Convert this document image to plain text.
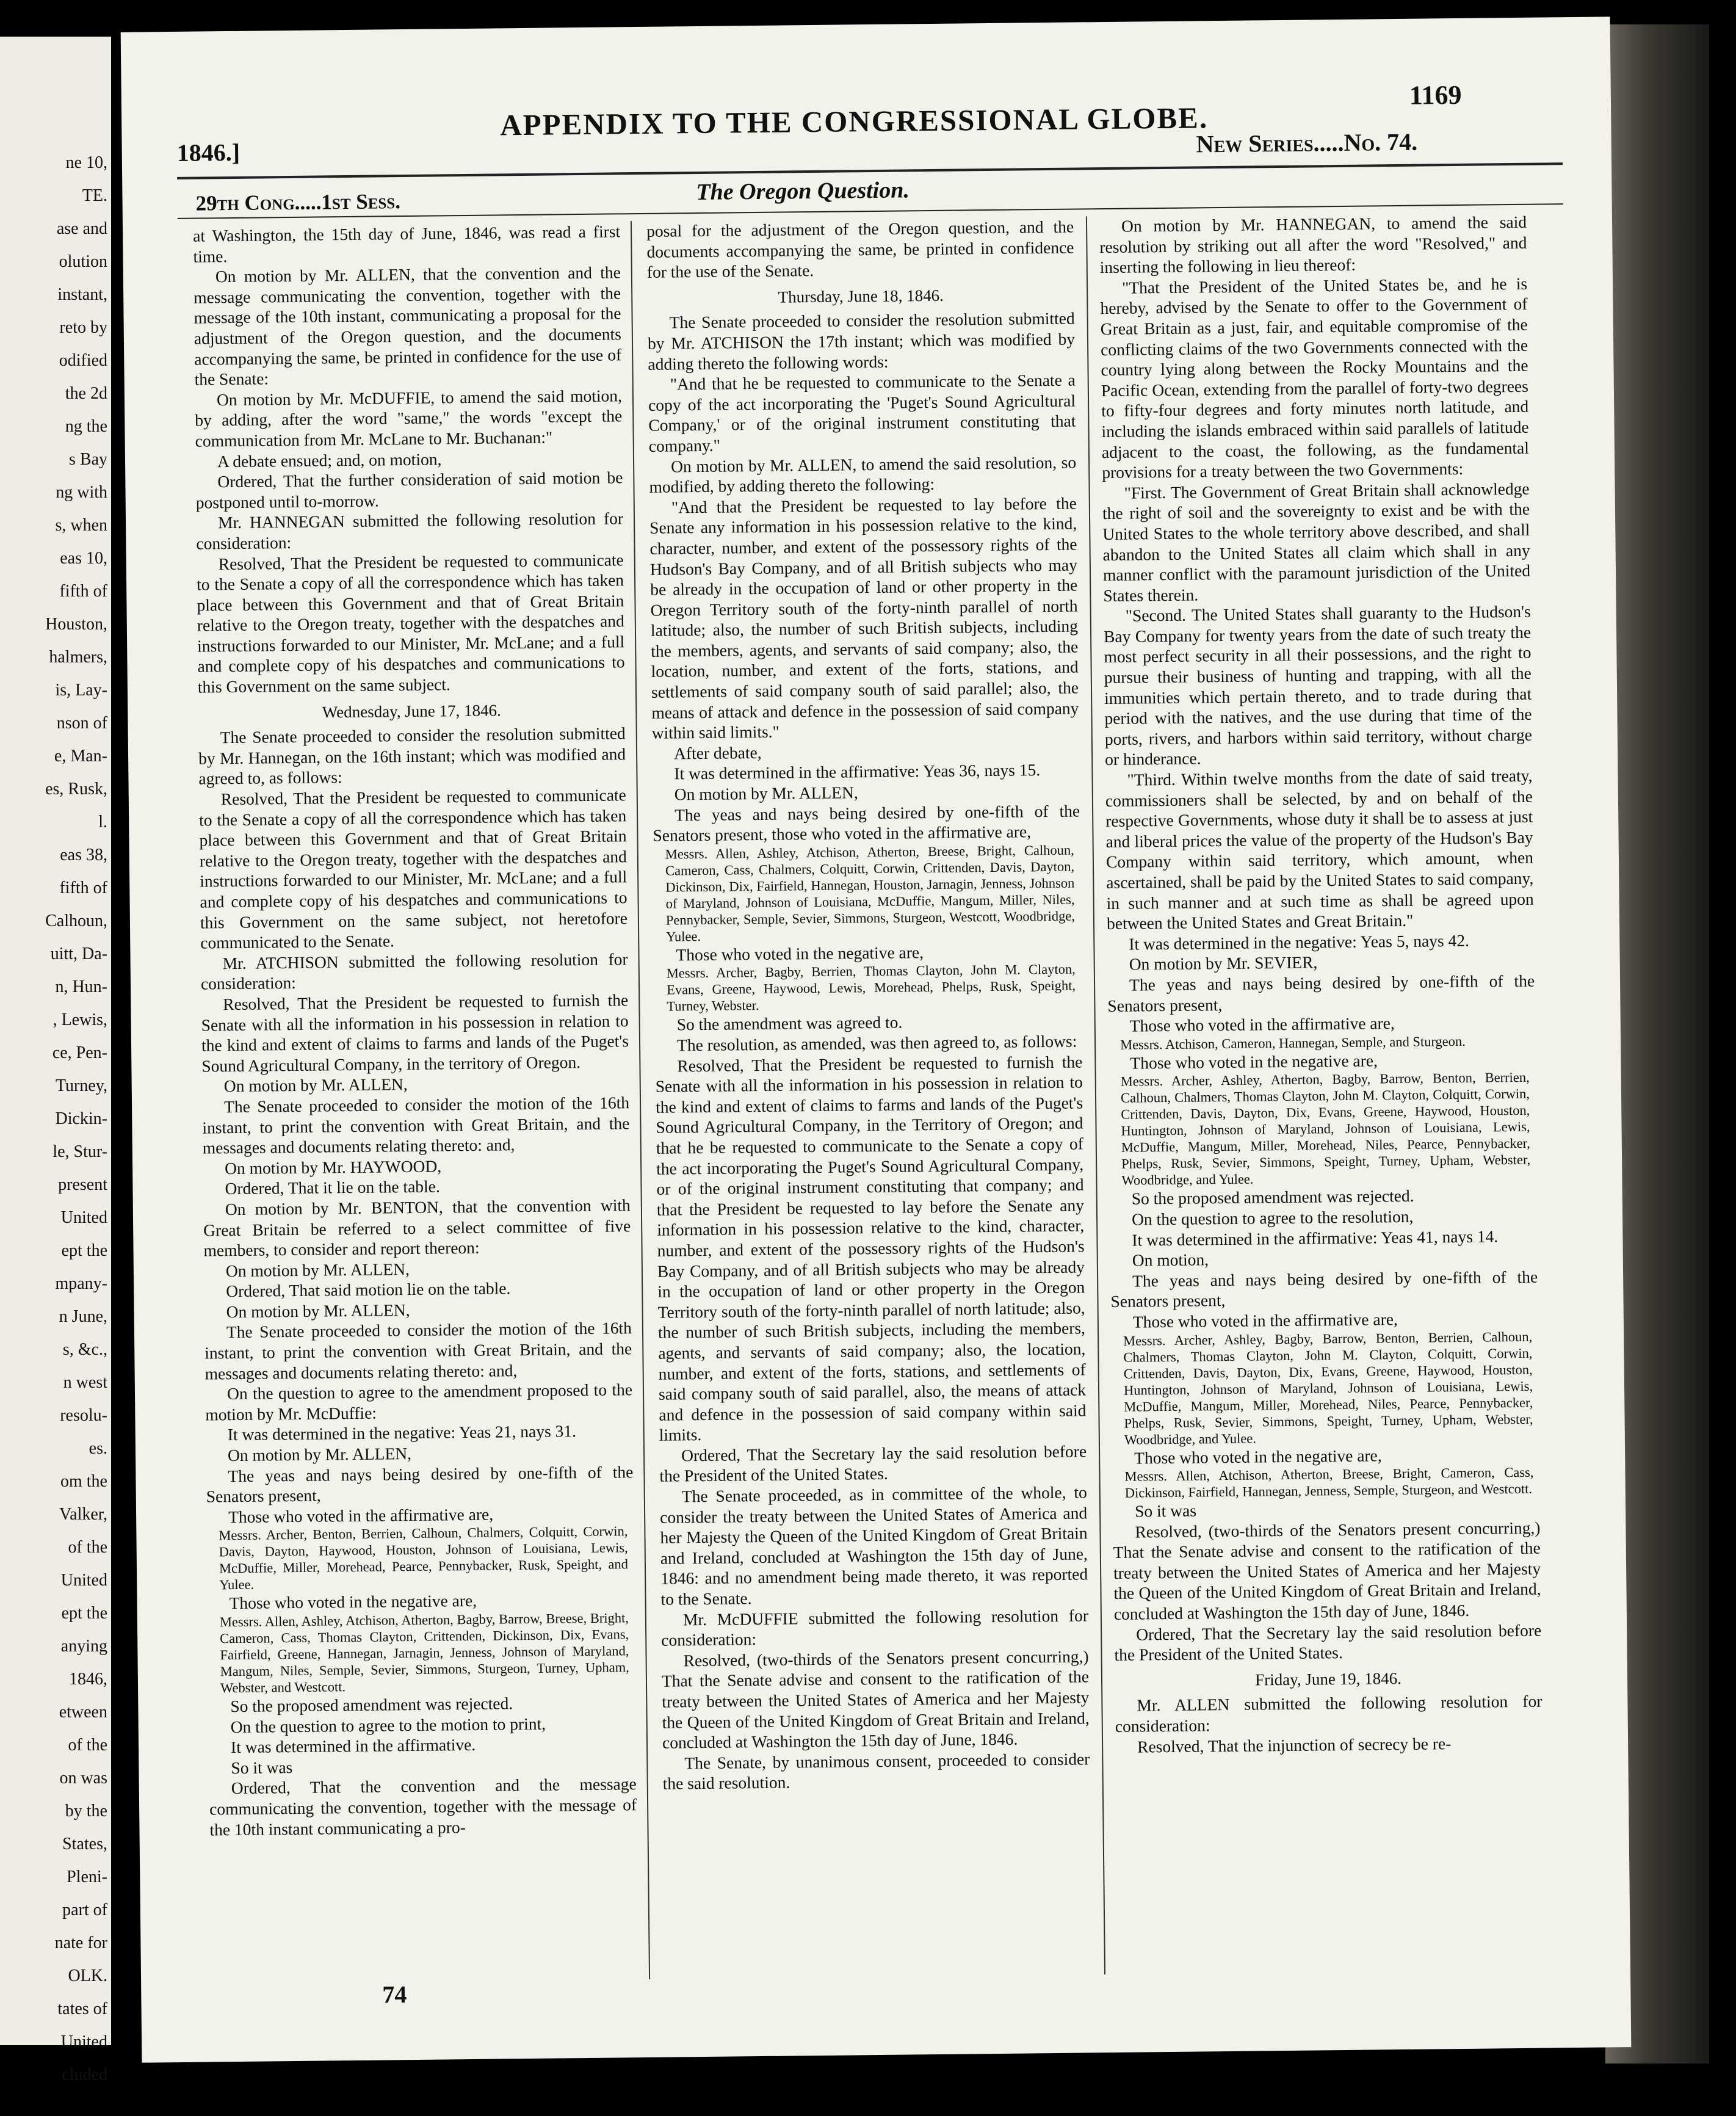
ne 10,
TE.
ase and
olution
instant,
reto by
odified
the 2d
ng the
s Bay
ng with
s, when
eas 10,
fifth of
Houston,
halmers,
is, Lay-
nson of
e, Man-
es, Rusk,
l.
eas 38,
fifth of
Calhoun,
uitt, Da-
n, Hun-
, Lewis,
ce, Pen-
Turney,
Dickin-
le, Stur-
present
United
ept the
mpany-
n June,
s, &c.,
n west
resolu-
es.
om the
Valker,
of the
United
ept the
anying
1846,
etween
of the
on was
by the
States,
Pleni-
part of
nate for
OLK.
tates of
United
cluded
1169
APPENDIX TO THE CONGRESSIONAL GLOBE.
1846.]	New Series.....No. 74.
29th Cong.....1st Sess.	The Oregon Question.

at Washington, the 15th day of June, 1846, was read a first time.

On motion by Mr. ALLEN, that the convention and the message communicating the convention, together with the message of the 10th instant, communicating a proposal for the adjustment of the Oregon question, and the documents accompanying the same, be printed in confidence for the use of the Senate:

On motion by Mr. McDUFFIE, to amend the said motion, by adding, after the word "same," the words "except the communication from Mr. McLane to Mr. Buchanan:"

A debate ensued; and, on motion,

Ordered, That the further consideration of said motion be postponed until to-morrow.

Mr. HANNEGAN submitted the following resolution for consideration:

Resolved, That the President be requested to communicate to the Senate a copy of all the correspondence which has taken place between this Government and that of Great Britain relative to the Oregon treaty, together with the despatches and instructions forwarded to our Minister, Mr. McLane; and a full and complete copy of his despatches and communications to this Government on the same subject.

Wednesday, June 17, 1846.

The Senate proceeded to consider the resolution submitted by Mr. Hannegan, on the 16th instant; which was modified and agreed to, as follows:

Resolved, That the President be requested to communicate to the Senate a copy of all the correspondence which has taken place between this Government and that of Great Britain relative to the Oregon treaty, together with the despatches and instructions forwarded to our Minister, Mr. McLane; and a full and complete copy of his despatches and communications to this Government on the same subject, not heretofore communicated to the Senate.

Mr. ATCHISON submitted the following resolution for consideration:

Resolved, That the President be requested to furnish the Senate with all the information in his possession in relation to the kind and extent of claims to farms and lands of the Puget's Sound Agricultural Company, in the territory of Oregon.

On motion by Mr. ALLEN,

The Senate proceeded to consider the motion of the 16th instant, to print the convention with Great Britain, and the messages and documents relating thereto: and,

On motion by Mr. HAYWOOD,

Ordered, That it lie on the table.

On motion by Mr. BENTON, that the convention with Great Britain be referred to a select committee of five members, to consider and report thereon:

On motion by Mr. ALLEN,

Ordered, That said motion lie on the table.

On motion by Mr. ALLEN,

The Senate proceeded to consider the motion of the 16th instant, to print the convention with Great Britain, and the messages and documents relating thereto: and,

On the question to agree to the amendment proposed to the motion by Mr. McDuffie:

It was determined in the negative: Yeas 21, nays 31.

On motion by Mr. ALLEN,

The yeas and nays being desired by one-fifth of the Senators present,

Those who voted in the affirmative are,

Messrs. Archer, Benton, Berrien, Calhoun, Chalmers, Colquitt, Corwin, Davis, Dayton, Haywood, Houston, Johnson of Louisiana, Lewis, McDuffie, Miller, Morehead, Pearce, Pennybacker, Rusk, Speight, and Yulee.

Those who voted in the negative are,

Messrs. Allen, Ashley, Atchison, Atherton, Bagby, Barrow, Breese, Bright, Cameron, Cass, Thomas Clayton, Crittenden, Dickinson, Dix, Evans, Fairfield, Greene, Hannegan, Jarnagin, Jenness, Johnson of Maryland, Mangum, Niles, Semple, Sevier, Simmons, Sturgeon, Turney, Upham, Webster, and Westcott.

So the proposed amendment was rejected.

On the question to agree to the motion to print,

It was determined in the affirmative.

So it was

Ordered, That the convention and the message communicating the convention, together with the message of the 10th instant communicating a pro-

posal for the adjustment of the Oregon question, and the documents accompanying the same, be printed in confidence for the use of the Senate.

Thursday, June 18, 1846.

The Senate proceeded to consider the resolution submitted by Mr. ATCHISON the 17th instant; which was modified by adding thereto the following words:

"And that he be requested to communicate to the Senate a copy of the act incorporating the 'Puget's Sound Agricultural Company,' or of the original instrument constituting that company."

On motion by Mr. ALLEN, to amend the said resolution, so modified, by adding thereto the following:

"And that the President be requested to lay before the Senate any information in his possession relative to the kind, character, number, and extent of the possessory rights of the Hudson's Bay Company, and of all British subjects who may be already in the occupation of land or other property in the Oregon Territory south of the forty-ninth parallel of north latitude; also, the number of such British subjects, including the members, agents, and servants of said company; also, the location, number, and extent of the forts, stations, and settlements of said company south of said parallel; also, the means of attack and defence in the possession of said company within said limits."

After debate,

It was determined in the affirmative: Yeas 36, nays 15.

On motion by Mr. ALLEN,

The yeas and nays being desired by one-fifth of the Senators present, those who voted in the affirmative are,

Messrs. Allen, Ashley, Atchison, Atherton, Breese, Bright, Calhoun, Cameron, Cass, Chalmers, Colquitt, Corwin, Crittenden, Davis, Dayton, Dickinson, Dix, Fairfield, Hannegan, Houston, Jarnagin, Jenness, Johnson of Maryland, Johnson of Louisiana, McDuffie, Mangum, Miller, Niles, Pennybacker, Semple, Sevier, Simmons, Sturgeon, Westcott, Woodbridge, Yulee.

Those who voted in the negative are,

Messrs. Archer, Bagby, Berrien, Thomas Clayton, John M. Clayton, Evans, Greene, Haywood, Lewis, Morehead, Phelps, Rusk, Speight, Turney, Webster.

So the amendment was agreed to.

The resolution, as amended, was then agreed to, as follows:

Resolved, That the President be requested to furnish the Senate with all the information in his possession in relation to the kind and extent of claims to farms and lands of the Puget's Sound Agricultural Company, in the Territory of Oregon; and that he be requested to communicate to the Senate a copy of the act incorporating the Puget's Sound Agricultural Company, or of the original instrument constituting that company; and that the President be requested to lay before the Senate any information in his possession relative to the kind, character, number, and extent of the possessory rights of the Hudson's Bay Company, and of all British subjects who may be already in the occupation of land or other property in the Oregon Territory south of the forty-ninth parallel of north latitude; also, the number of such British subjects, including the members, agents, and servants of said company; also, the location, number, and extent of the forts, stations, and settlements of said company south of said parallel, also, the means of attack and defence in the possession of said company within said limits.

Ordered, That the Secretary lay the said resolution before the President of the United States.

The Senate proceeded, as in committee of the whole, to consider the treaty between the United States of America and her Majesty the Queen of the United Kingdom of Great Britain and Ireland, concluded at Washington the 15th day of June, 1846: and no amendment being made thereto, it was reported to the Senate.

Mr. McDUFFIE submitted the following resolution for consideration:

Resolved, (two-thirds of the Senators present concurring,) That the Senate advise and consent to the ratification of the treaty between the United States of America and her Majesty the Queen of the United Kingdom of Great Britain and Ireland, concluded at Washington the 15th day of June, 1846.

The Senate, by unanimous consent, proceeded to consider the said resolution.

On motion by Mr. HANNEGAN, to amend the said resolution by striking out all after the word "Resolved," and inserting the following in lieu thereof:

"That the President of the United States be, and he is hereby, advised by the Senate to offer to the Government of Great Britain as a just, fair, and equitable compromise of the conflicting claims of the two Governments connected with the country lying along between the Rocky Mountains and the Pacific Ocean, extending from the parallel of forty-two degrees to fifty-four degrees and forty minutes north latitude, and including the islands embraced within said parallels of latitude adjacent to the coast, the following, as the fundamental provisions for a treaty between the two Governments:

"First. The Government of Great Britain shall acknowledge the right of soil and the sovereignty to exist and be with the United States to the whole territory above described, and shall abandon to the United States all claim which shall in any manner conflict with the paramount jurisdiction of the United States therein.

"Second. The United States shall guaranty to the Hudson's Bay Company for twenty years from the date of such treaty the most perfect security in all their possessions, and the right to pursue their business of hunting and trapping, with all the immunities which pertain thereto, and to trade during that period with the natives, and the use during that time of the ports, rivers, and harbors within said territory, without charge or hinderance.

"Third. Within twelve months from the date of said treaty, commissioners shall be selected, by and on behalf of the respective Governments, whose duty it shall be to assess at just and liberal prices the value of the property of the Hudson's Bay Company within said territory, which amount, when ascertained, shall be paid by the United States to said company, in such manner and at such time as shall be agreed upon between the United States and Great Britain."

It was determined in the negative: Yeas 5, nays 42.

On motion by Mr. SEVIER,

The yeas and nays being desired by one-fifth of the Senators present,

Those who voted in the affirmative are,

Messrs. Atchison, Cameron, Hannegan, Semple, and Sturgeon.

Those who voted in the negative are,

Messrs. Archer, Ashley, Atherton, Bagby, Barrow, Benton, Berrien, Calhoun, Chalmers, Thomas Clayton, John M. Clayton, Colquitt, Corwin, Crittenden, Davis, Dayton, Dix, Evans, Greene, Haywood, Houston, Huntington, Johnson of Maryland, Johnson of Louisiana, Lewis, McDuffie, Mangum, Miller, Morehead, Niles, Pearce, Pennybacker, Phelps, Rusk, Sevier, Simmons, Speight, Turney, Upham, Webster, Woodbridge, and Yulee.

So the proposed amendment was rejected.

On the question to agree to the resolution,

It was determined in the affirmative: Yeas 41, nays 14.

On motion,

The yeas and nays being desired by one-fifth of the Senators present,

Those who voted in the affirmative are,

Messrs. Archer, Ashley, Bagby, Barrow, Benton, Berrien, Calhoun, Chalmers, Thomas Clayton, John M. Clayton, Colquitt, Corwin, Crittenden, Davis, Dayton, Dix, Evans, Greene, Haywood, Houston, Huntington, Johnson of Maryland, Johnson of Louisiana, Lewis, McDuffie, Mangum, Miller, Morehead, Niles, Pearce, Pennybacker, Phelps, Rusk, Sevier, Simmons, Speight, Turney, Upham, Webster, Woodbridge, and Yulee.

Those who voted in the negative are,

Messrs. Allen, Atchison, Atherton, Breese, Bright, Cameron, Cass, Dickinson, Fairfield, Hannegan, Jenness, Semple, Sturgeon, and Westcott.

So it was

Resolved, (two-thirds of the Senators present concurring,) That the Senate advise and consent to the ratification of the treaty between the United States of America and her Majesty the Queen of the United Kingdom of Great Britain and Ireland, concluded at Washington the 15th day of June, 1846.

Ordered, That the Secretary lay the said resolution before the President of the United States.

Friday, June 19, 1846.

Mr. ALLEN submitted the following resolution for consideration:

Resolved, That the injunction of secrecy be re-

74
